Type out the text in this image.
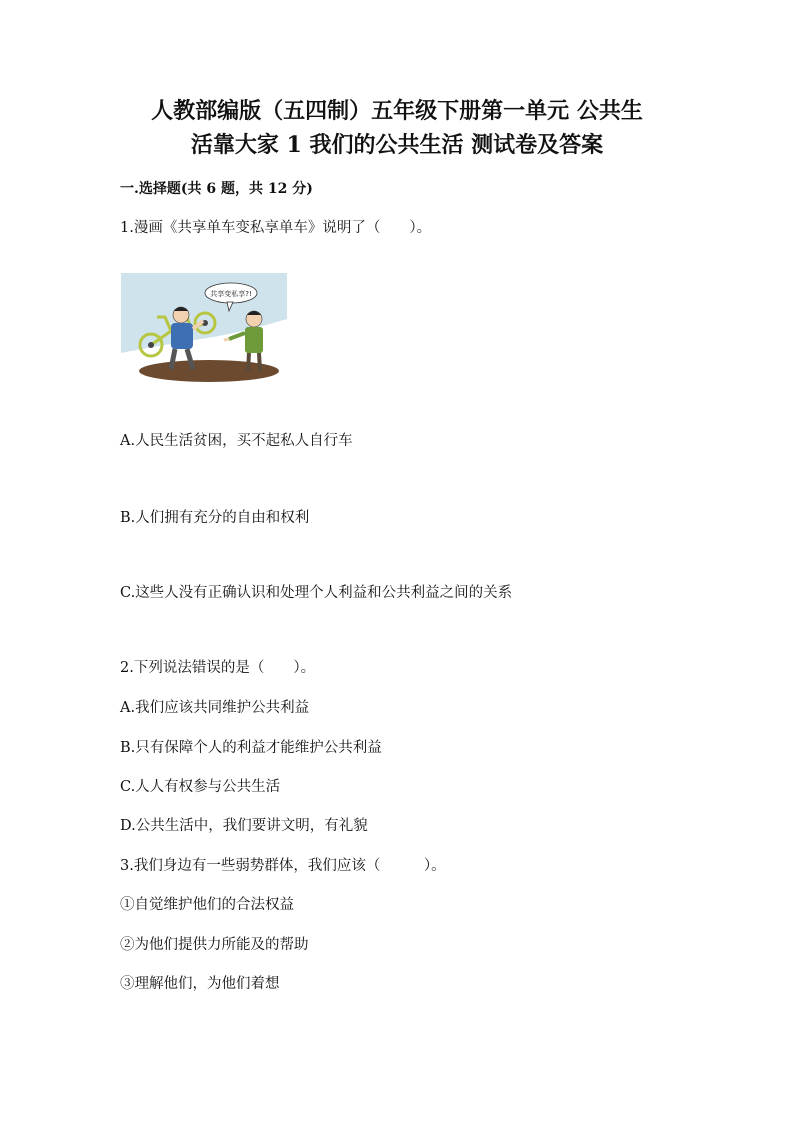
人教部编版（五四制）五年级下册第一单元 公共生
活靠大家 1 我们的公共生活 测试卷及答案
一.选择题(共 6 题，共 12 分)
1.漫画《共享单车变私享单车》说明了（　　）。
共享变私享?!
A.人民生活贫困，买不起私人自行车
B.人们拥有充分的自由和权利
C.这些人没有正确认识和处理个人利益和公共利益之间的关系
2.下列说法错误的是（　　）。
A.我们应该共同维护公共利益
B.只有保障个人的利益才能维护公共利益
C.人人有权参与公共生活
D.公共生活中，我们要讲文明，有礼貌
3.我们身边有一些弱势群体，我们应该（　　　）。
①自觉维护他们的合法权益
②为他们提供力所能及的帮助
③理解他们，为他们着想
